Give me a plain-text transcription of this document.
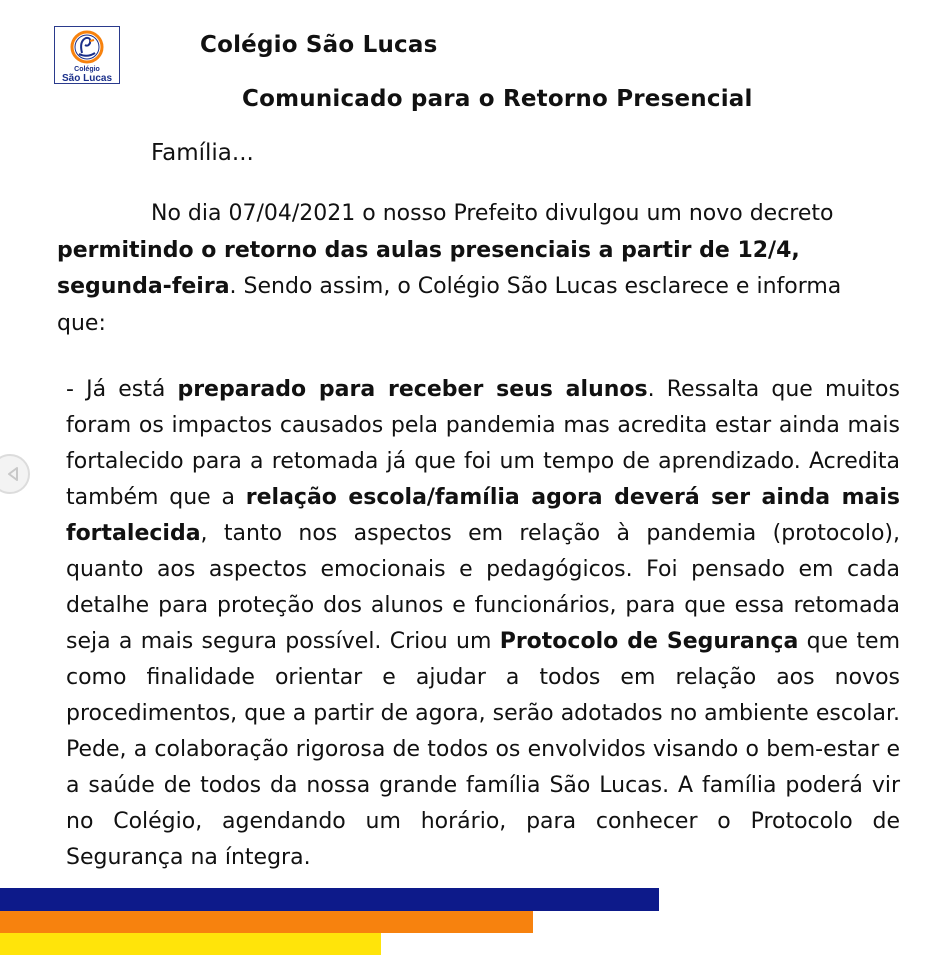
Colégio
São Lucas
Colégio São Lucas
Comunicado para o Retorno Presencial

Família...

No dia 07/04/2021 o nosso Prefeito divulgou um novo decreto permitindo o retorno das aulas presenciais a partir de 12/4, segunda-feira. Sendo assim, o Colégio São Lucas esclarece e informa que:

- Já está preparado para receber seus alunos. Ressalta que muitos foram os impactos causados pela pandemia mas acredita estar ainda mais fortalecido para a retomada já que foi um tempo de aprendizado. Acredita também que a relação escola/família agora deverá ser ainda mais fortalecida, tanto nos aspectos em relação à pandemia (protocolo), quanto aos aspectos emocionais e pedagógicos. Foi pensado em cada detalhe para proteção dos alunos e funcionários, para que essa retomada seja a mais segura possível. Criou um Protocolo de Segurança que tem como finalidade orientar e ajudar a todos em relação aos novos procedimentos, que a partir de agora, serão adotados no ambiente escolar. Pede, a colaboração rigorosa de todos os envolvidos visando o bem-estar e a saúde de todos da nossa grande família São Lucas. A família poderá vir no Colégio, agendando um horário, para conhecer o Protocolo de Segurança na íntegra.
